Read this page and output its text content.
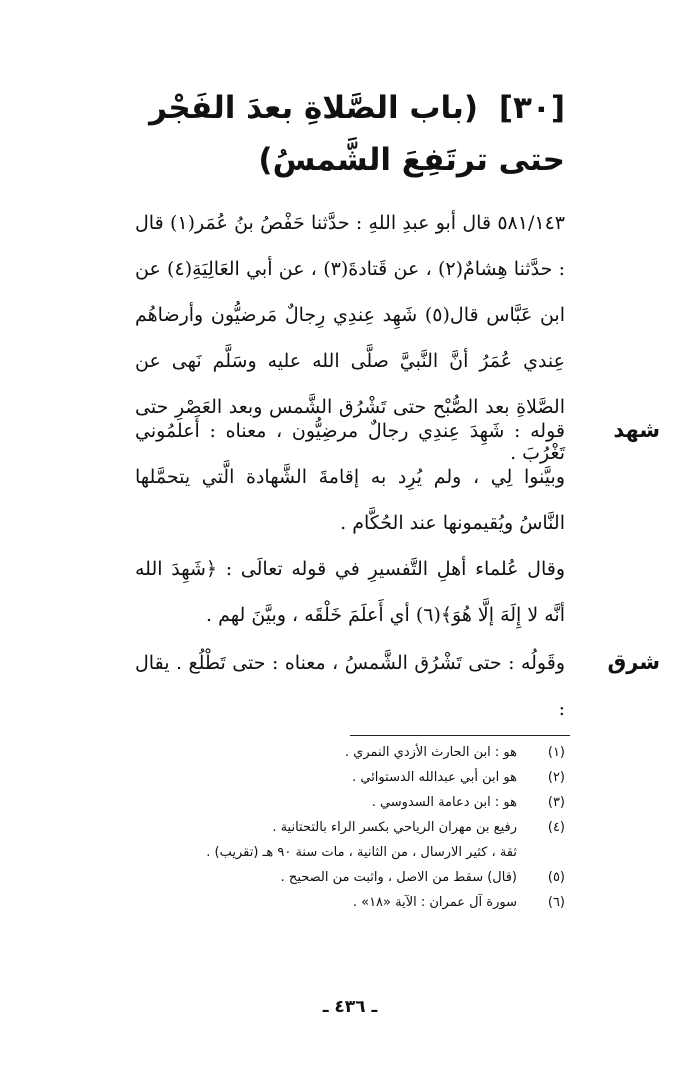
[٣٠] (باب الصَّلاةِ بعدَ الفَجْر حتى ترتَفِعَ الشَّمسُ)

٥٨١/١٤٣ قال أبو عبدِ اللهِ : حدَّثنا حَفْصُ بنُ عُمَر(١) قال : حدَّثنا هِشامٌ(٢) ، عن قَتادةَ(٣) ، عن أبي العَالِيَةِ(٤) عن ابن عَبَّاس قال(٥) شَهِد عِندِي رِجالٌ مَرضيُّون وأرضاهُم عِندي عُمَرُ أنَّ النَّبيَّ صلَّى الله عليه وسَلَّم نَهى عن الصَّلاةِ بعد الصُّبْح حتى تَشْرُق الشَّمس وبعد العَصْرِ حتى تَغْرُبَ .

شهد

قوله : شَهِدَ عِندِي رجالٌ مرضِيُّون ، معناه : أَعلمُوني وبيَّنوا لِي ، ولم يُرِد به إقامةَ الشَّهادة الَّتي يتحمَّلها النَّاسُ ويُقيمونها عند الحُكَّام .

وقال عُلماء أهلِ التَّفسيرِ في قوله تعالَى : ﴿شَهِدَ الله أنَّه لا إِلَهَ إلَّا هُوَ﴾(٦) أي أَعلَمَ خَلْقَه ، وبيَّنَ لهم .

شرق

وقَولُه : حتى تَشْرُق الشَّمسُ ، معناه : حتى تَطْلُع . يقال :

(١)
هو : ابن الحارث الأزدي النمري .
(٢)
هو ابن أبي عبدالله الدستوائي .
(٣)
هو : ابن دعامة السدوسي .
(٤)
رفيع بن مهران الرياحي بكسر الراء بالتحتانية .
ثقة ، كثير الارسال ، من الثانية ، مات سنة ٩٠ هـ (تقريب) .
(٥)
(قال) سقط من الاصل ، واثبت من الصحيح .
(٦)
سورة آل عمران : الآية «١٨» .
ـ ٤٣٦ ـ
